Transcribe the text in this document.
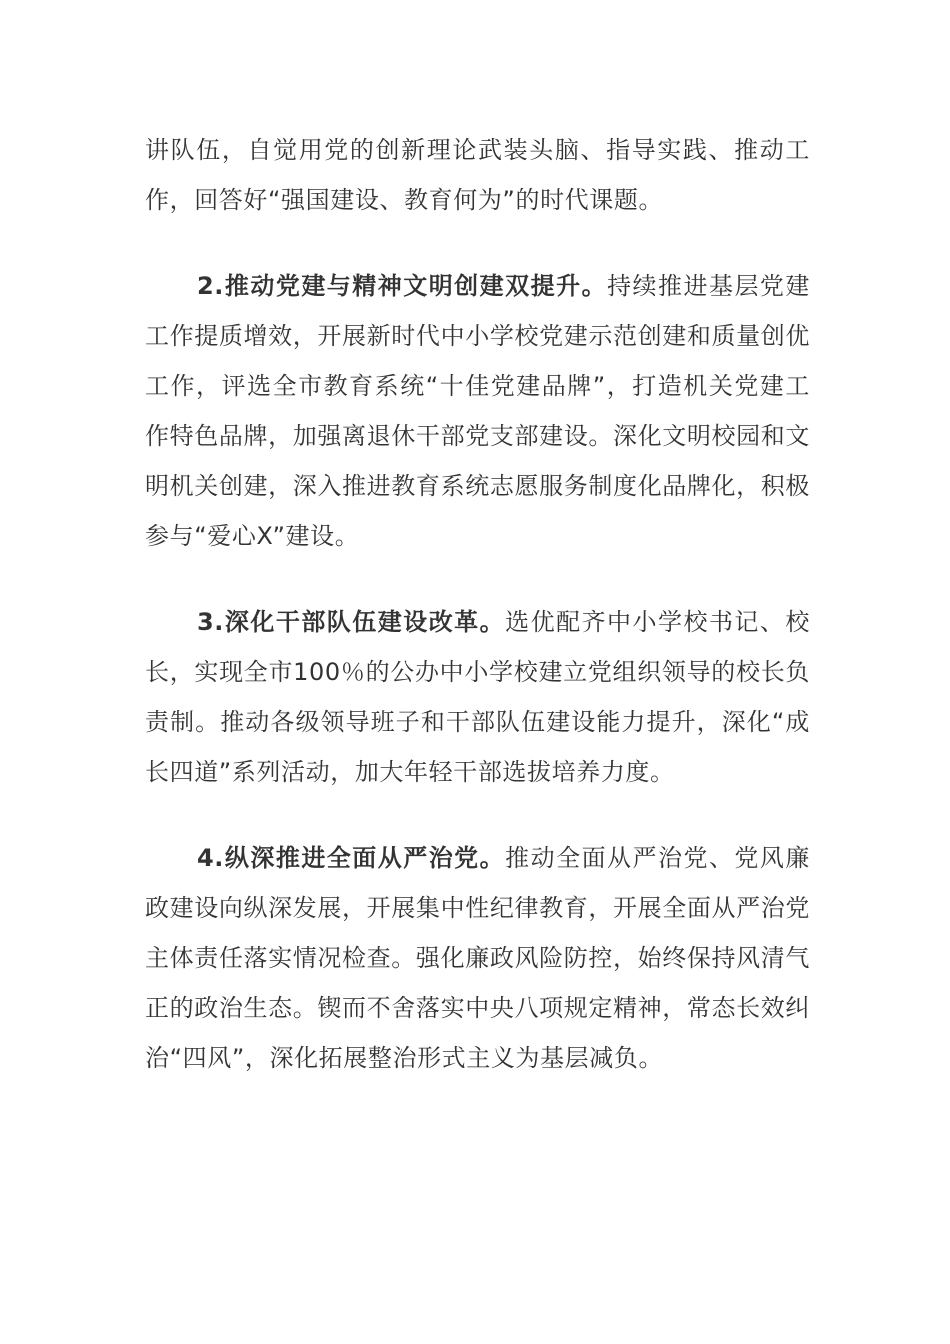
讲队伍，自觉用党的创新理论武装头脑、指导实践、推动工作，回答好“强国建设、教育何为”的时代课题。

2.推动党建与精神文明创建双提升。持续推进基层党建工作提质增效，开展新时代中小学校党建示范创建和质量创优工作，评选全市教育系统“十佳党建品牌”，打造机关党建工作特色品牌，加强离退休干部党支部建设。深化文明校园和文明机关创建，深入推进教育系统志愿服务制度化品牌化，积极参与“爱心X”建设。

3.深化干部队伍建设改革。选优配齐中小学校书记、校长，实现全市100％的公办中小学校建立党组织领导的校长负责制。推动各级领导班子和干部队伍建设能力提升，深化“成长四道”系列活动，加大年轻干部选拔培养力度。

4.纵深推进全面从严治党。推动全面从严治党、党风廉政建设向纵深发展，开展集中性纪律教育，开展全面从严治党主体责任落实情况检查。强化廉政风险防控，始终保持风清气正的政治生态。锲而不舍落实中央八项规定精神，常态长效纠治“四风”，深化拓展整治形式主义为基层减负。
